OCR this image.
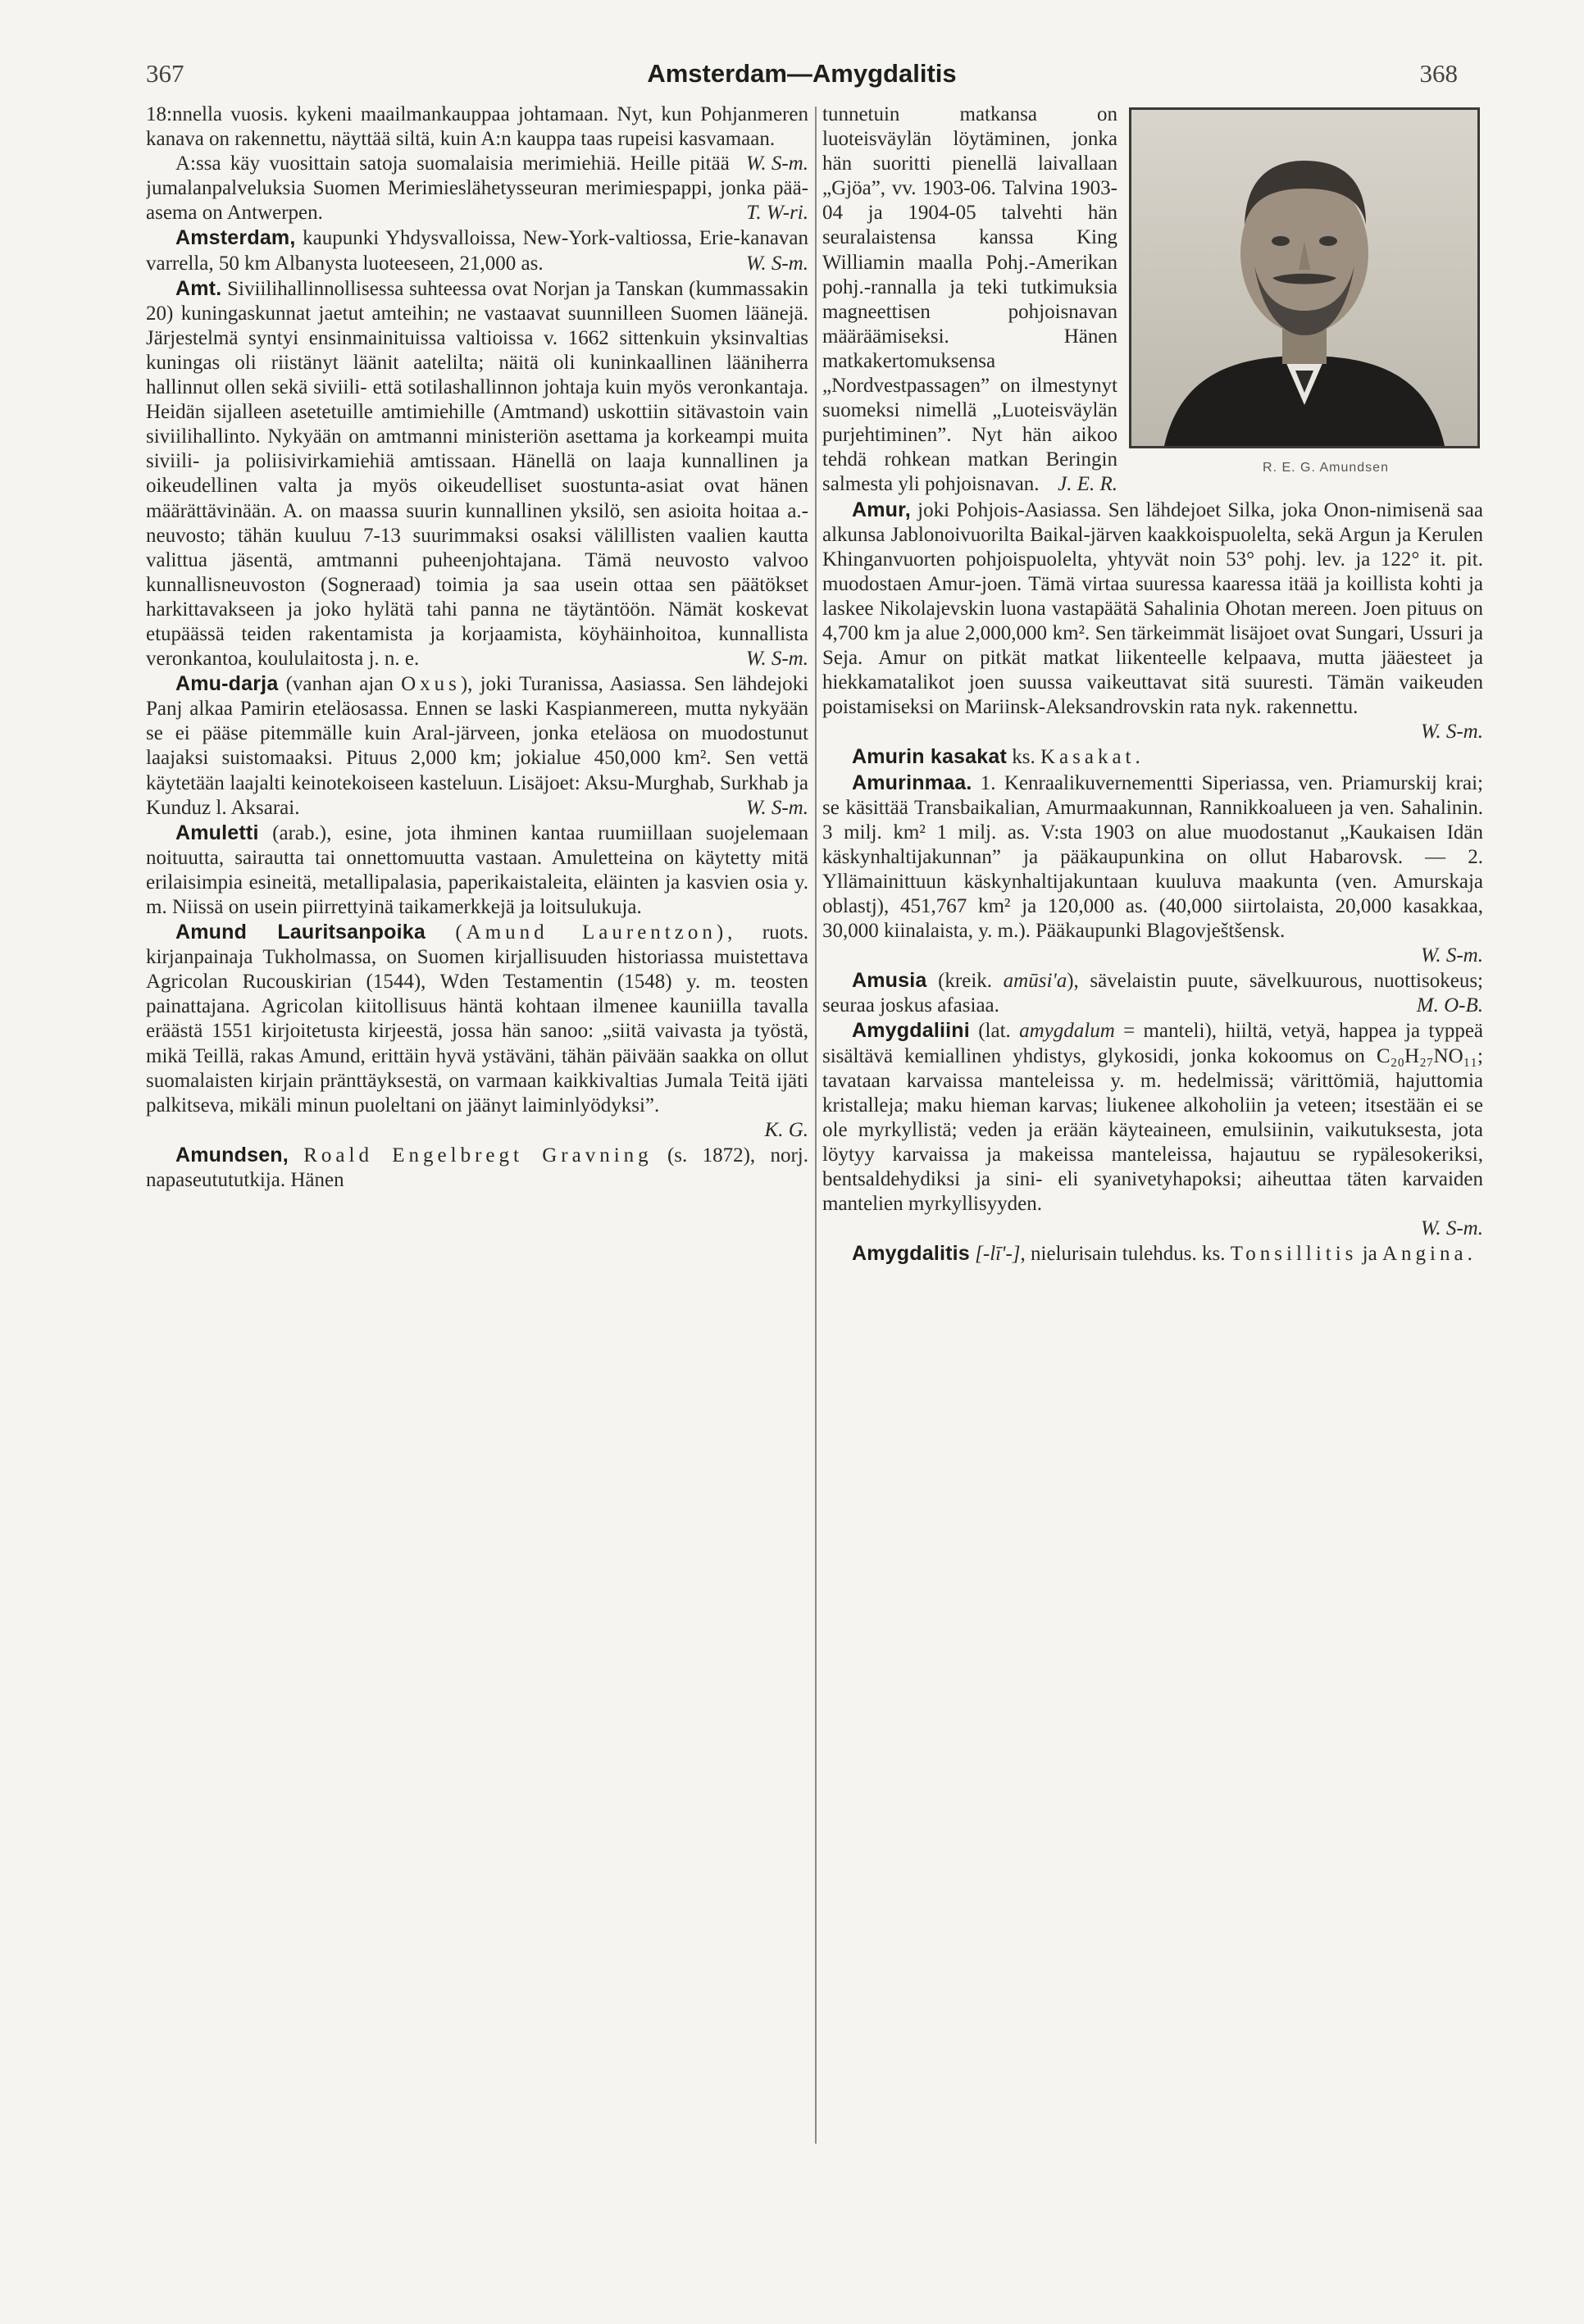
367	Amsterdam—Amygdalitis	368

18:nnella vuosis. kykeni maailmankauppaa johtamaan. Nyt, kun Pohjanmeren kanava on rakennettu, näyttää siltä, kuin A:n kauppa taas rupeisi kasvamaan.
W. S-m.

A:ssa käy vuosittain satoja suomalaisia merimiehiä. Heille pitää jumalanpalveluksia Suomen Merimieslähetysseuran merimiespappi, jonka pää-asema on Antwerpen.	T. W-ri.

Amsterdam, kaupunki Yhdysvalloissa, New-York-valtiossa, Erie-kanavan varrella, 50 km Albanysta luoteeseen, 21,000 as.	W. S-m.

Amt. Siviilihallinnollisessa suhteessa ovat Norjan ja Tanskan (kummassakin 20) kuningaskunnat jaetut amteihin; ne vastaavat suunnilleen Suomen läänejä. Järjestelmä syntyi ensinmainituissa valtioissa v. 1662 sittenkuin yksinvaltias kuningas oli riistänyt läänit aatelilta; näitä oli kuninkaallinen lääniherra hallinnut ollen sekä siviili- että sotilashallinnon johtaja kuin myös veronkantaja. Heidän sijalleen asetetuille amtimiehille (Amtmand) uskottiin sitävastoin vain siviilihallinto. Nykyään on amtmanni ministeriön asettama ja korkeampi muita siviili- ja poliisivirkamiehiä amtissaan. Hänellä on laaja kunnallinen ja oikeudellinen valta ja myös oikeudelliset suostunta-asiat ovat hänen määrättävinään. A. on maassa suurin kunnallinen yksilö, sen asioita hoitaa a.-neuvosto; tähän kuuluu 7-13 suurimmaksi osaksi välillisten vaalien kautta valittua jäsentä, amtmanni puheenjohtajana. Tämä neuvosto valvoo kunnallisneuvoston (Sogneraad) toimia ja saa usein ottaa sen päätökset harkittavakseen ja joko hylätä tahi panna ne täytäntöön. Nämät koskevat etupäässä teiden rakentamista ja korjaamista, köyhäinhoitoa, kunnallista veronkantoa, koululaitosta j. n. e.	W. S-m.

Amu-darja (vanhan ajan Oxus), joki Turanissa, Aasiassa. Sen lähdejoki Panj alkaa Pamirin eteläosassa. Ennen se laski Kaspianmereen, mutta nykyään se ei pääse pitemmälle kuin Aral-järveen, jonka eteläosa on muodostunut laajaksi suistomaaksi. Pituus 2,000 km; jokialue 450,000 km². Sen vettä käytetään laajalti keinotekoiseen kasteluun. Lisäjoet: Aksu-Murghab, Surkhab ja Kunduz l. Aksarai.	W. S-m.

Amuletti (arab.), esine, jota ihminen kantaa ruumiillaan suojelemaan noituutta, sairautta tai onnettomuutta vastaan. Amuletteina on käytetty mitä erilaisimpia esineitä, metallipalasia, paperikaistaleita, eläinten ja kasvien osia y. m. Niissä on usein piirrettyinä taikamerkkejä ja loitsulukuja.

Amund Lauritsanpoika (Amund Laurentzon), ruots. kirjanpainaja Tukholmassa, on Suomen kirjallisuuden historiassa muistettava Agricolan Rucouskirian (1544), Wden Testamentin (1548) y. m. teosten painattajana. Agricolan kiitollisuus häntä kohtaan ilmenee kauniilla tavalla eräästä 1551 kirjoitetusta kirjeestä, jossa hän sanoo: „siitä vaivasta ja työstä, mikä Teillä, rakas Amund, erittäin hyvä ystäväni, tähän päivään saakka on ollut suomalaisten kirjain pränttäyksestä, on varmaan kaikkivaltias Jumala Teitä ijäti palkitseva, mikäli minun puoleltani on jäänyt laiminlyödyksi”.

K. G.

Amundsen, Roald Engelbregt Gravning (s. 1872), norj. napaseutututkija. Hänen

R. E. G. Amundsen

tunnetuin matkansa on luoteisväylän löytäminen, jonka hän suoritti pienellä laivallaan „Gjöa”, vv. 1903-06. Talvina 1903-04 ja 1904-05 talvehti hän seuralaistensa kanssa King Williamin maalla Pohj.-Amerikan pohj.-rannalla ja teki tutkimuksia magneettisen pohjoisnavan määräämiseksi. Hänen matkakertomuksensa „Nordvestpassagen” on ilmestynyt suomeksi nimellä „Luoteisväylän purjehtiminen”. Nyt hän aikoo tehdä rohkean matkan Beringin salmesta yli pohjoisnavan. J. E. R.

Amur, joki Pohjois-Aasiassa. Sen lähdejoet Silka, joka Onon-nimisenä saa alkunsa Jablonoivuorilta Baikal-järven kaakkoispuolelta, sekä Argun ja Kerulen Khinganvuorten pohjoispuolelta, yhtyvät noin 53° pohj. lev. ja 122° it. pit. muodostaen Amur-joen. Tämä virtaa suuressa kaaressa itää ja koillista kohti ja laskee Nikolajevskin luona vastapäätä Sahalinia Ohotan mereen. Joen pituus on 4,700 km ja alue 2,000,000 km². Sen tärkeimmät lisäjoet ovat Sungari, Ussuri ja Seja. Amur on pitkät matkat liikenteelle kelpaava, mutta jääesteet ja hiekkamatalikot joen suussa vaikeuttavat sitä suuresti. Tämän vaikeuden poistamiseksi on Mariinsk-Aleksandrovskin rata nyk. rakennettu.

W. S-m.

Amurin kasakat ks. Kasakat.

Amurinmaa. 1. Kenraalikuvernementti Siperiassa, ven. Priamurskij krai; se käsittää Transbaikalian, Amurmaakunnan, Rannikkoalueen ja ven. Sahalinin. 3 milj. km² 1 milj. as. V:sta 1903 on alue muodostanut „Kaukaisen Idän käskynhaltijakunnan” ja pääkaupunkina on ollut Habarovsk. — 2. Yllämainittuun käskynhaltijakuntaan kuuluva maakunta (ven. Amurskaja oblastj), 451,767 km² ja 120,000 as. (40,000 siirtolaista, 20,000 kasakkaa, 30,000 kiinalaista, y. m.). Pääkaupunki Blagovještšensk.

W. S-m.

Amusia (kreik. amūsi'a), sävelaistin puute, sävelkuurous, nuottisokeus; seuraa joskus afasiaa.	M. O-B.

Amygdaliini (lat. amygdalum = manteli), hiiltä, vetyä, happea ja typpeä sisältävä kemiallinen yhdistys, glykosidi, jonka kokoomus on C₂₀H₂₇NO₁₁; tavataan karvaissa manteleissa y. m. hedelmissä; värittömiä, hajuttomia kristalleja; maku hieman karvas; liukenee alkoholiin ja veteen; itsestään ei se ole myrkyllistä; veden ja erään käyteaineen, emulsiinin, vaikutuksesta, jota löytyy karvaissa ja makeissa manteleissa, hajautuu se rypälesokeriksi, bentsaldehydiksi ja sini- eli syanivetyhapoksi; aiheuttaa täten karvaiden mantelien myrkyllisyyden.

W. S-m.

Amygdalitis [-lī'-], nielurisain tulehdus. ks. Tonsillitis ja Angina.
